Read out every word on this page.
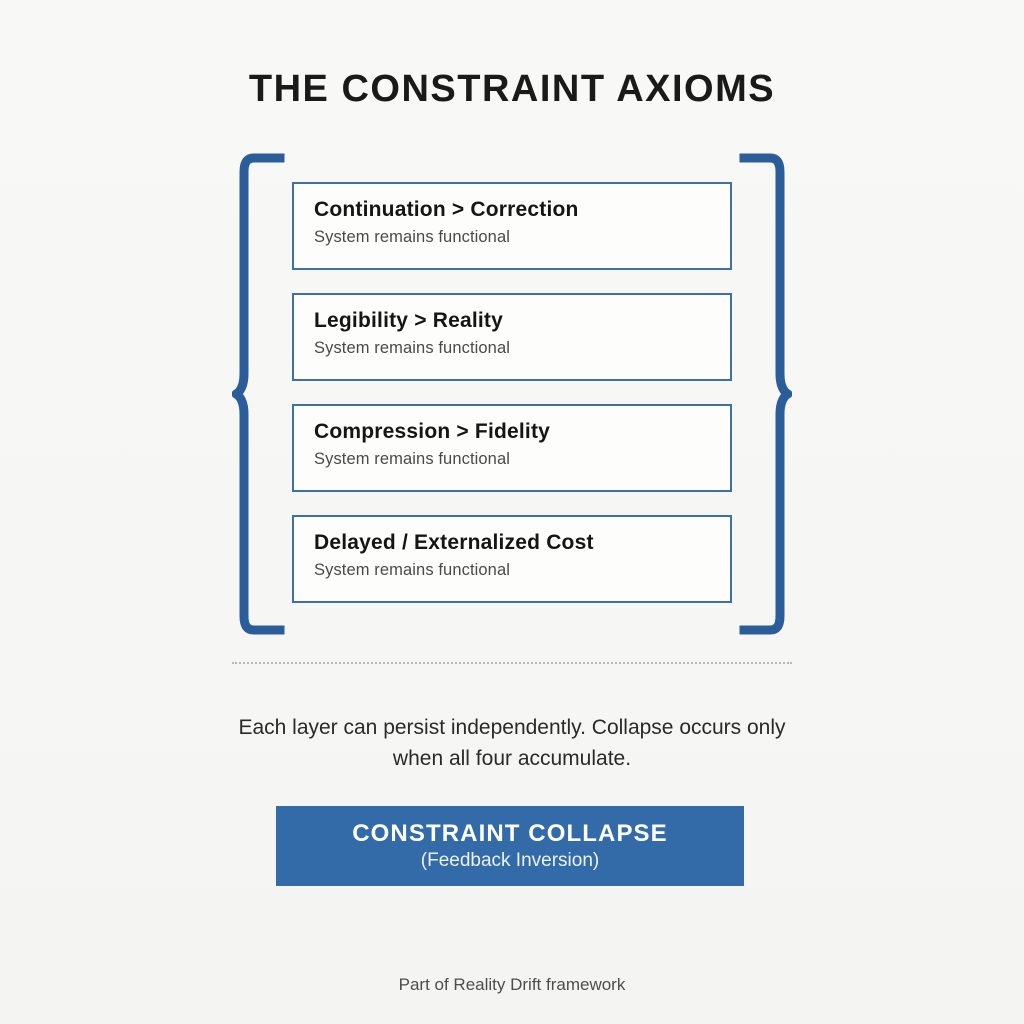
THE CONSTRAINT AXIOMS
Continuation > Correction
System remains functional
Legibility > Reality
System remains functional
Compression > Fidelity
System remains functional
Delayed / Externalized Cost
System remains functional
Each layer can persist independently. Collapse occurs only when all four accumulate.
CONSTRAINT COLLAPSE
(Feedback Inversion)
Part of Reality Drift framework
